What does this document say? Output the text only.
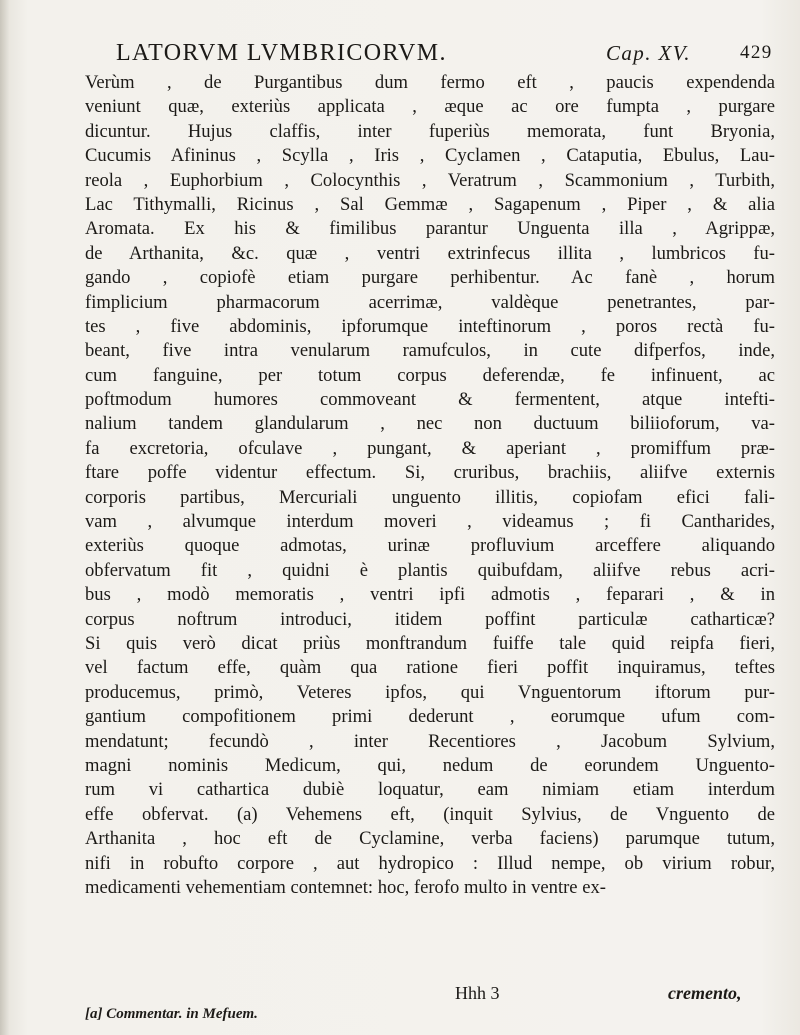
LATORVM LVMBRICORVM.	Cap. XV.	429
Verùm , de Purgantibus dum fermo eft , paucis expendenda
veniunt quæ, exteriùs applicata , æque ac ore fumpta , purgare
dicuntur. Hujus claffis, inter fuperiùs memorata, funt Bryonia,
Cucumis Afininus , Scylla , Iris , Cyclamen , Cataputia, Ebulus, Lau-
reola , Euphorbium , Colocynthis , Veratrum , Scammonium , Turbith,
Lac Tithymalli, Ricinus , Sal Gemmæ , Sagapenum , Piper , & alia
Aromata. Ex his & fimilibus parantur Unguenta illa , Agrippæ,
de Arthanita, &c. quæ , ventri extrinfecus illita , lumbricos fu-
gando , copiofè etiam purgare perhibentur. Ac fanè , horum
fimplicium pharmacorum acerrimæ, valdèque penetrantes, par-
tes , five abdominis, ipforumque inteftinorum , poros rectà fu-
beant, five intra venularum ramufculos, in cute difperfos, inde,
cum fanguine, per totum corpus deferendæ, fe infinuent, ac
poftmodum humores commoveant & fermentent, atque intefti-
nalium tandem glandularum , nec non ductuum biliioforum, va-
fa excretoria, ofculave , pungant, & aperiant , promiffum præ-
ftare poffe videntur effectum. Si, cruribus, brachiis, aliifve externis
corporis partibus, Mercuriali unguento illitis, copiofam efici fali-
vam , alvumque interdum moveri , videamus ; fi Cantharides,
exteriùs quoque admotas, urinæ profluvium arceffere aliquando
obfervatum fit , quidni è plantis quibufdam, aliifve rebus acri-
bus , modò memoratis , ventri ipfi admotis , feparari , & in
corpus noftrum introduci, itidem poffint particulæ catharticæ?
Si quis verò dicat priùs monftrandum fuiffe tale quid reipfa fieri,
vel factum effe, quàm qua ratione fieri poffit inquiramus, teftes
producemus, primò, Veteres ipfos, qui Vnguentorum iftorum pur-
gantium compofitionem primi dederunt , eorumque ufum com-
mendatunt; fecundò , inter Recentiores , Jacobum Sylvium,
magni nominis Medicum, qui, nedum de eorundem Unguento-
rum vi cathartica dubiè loquatur, eam nimiam etiam interdum
effe obfervat. (a) Vehemens eft, (inquit Sylvius, de Vnguento de
Arthanita , hoc eft de Cyclamine, verba faciens) parumque tutum,
nifi in robufto corpore , aut hydropico : Illud nempe, ob virium robur,
medicamenti vehementiam contemnet: hoc, ferofo multo in ventre ex-
Hhh 3	cremento,
[a] Commentar. in Mefuem.
